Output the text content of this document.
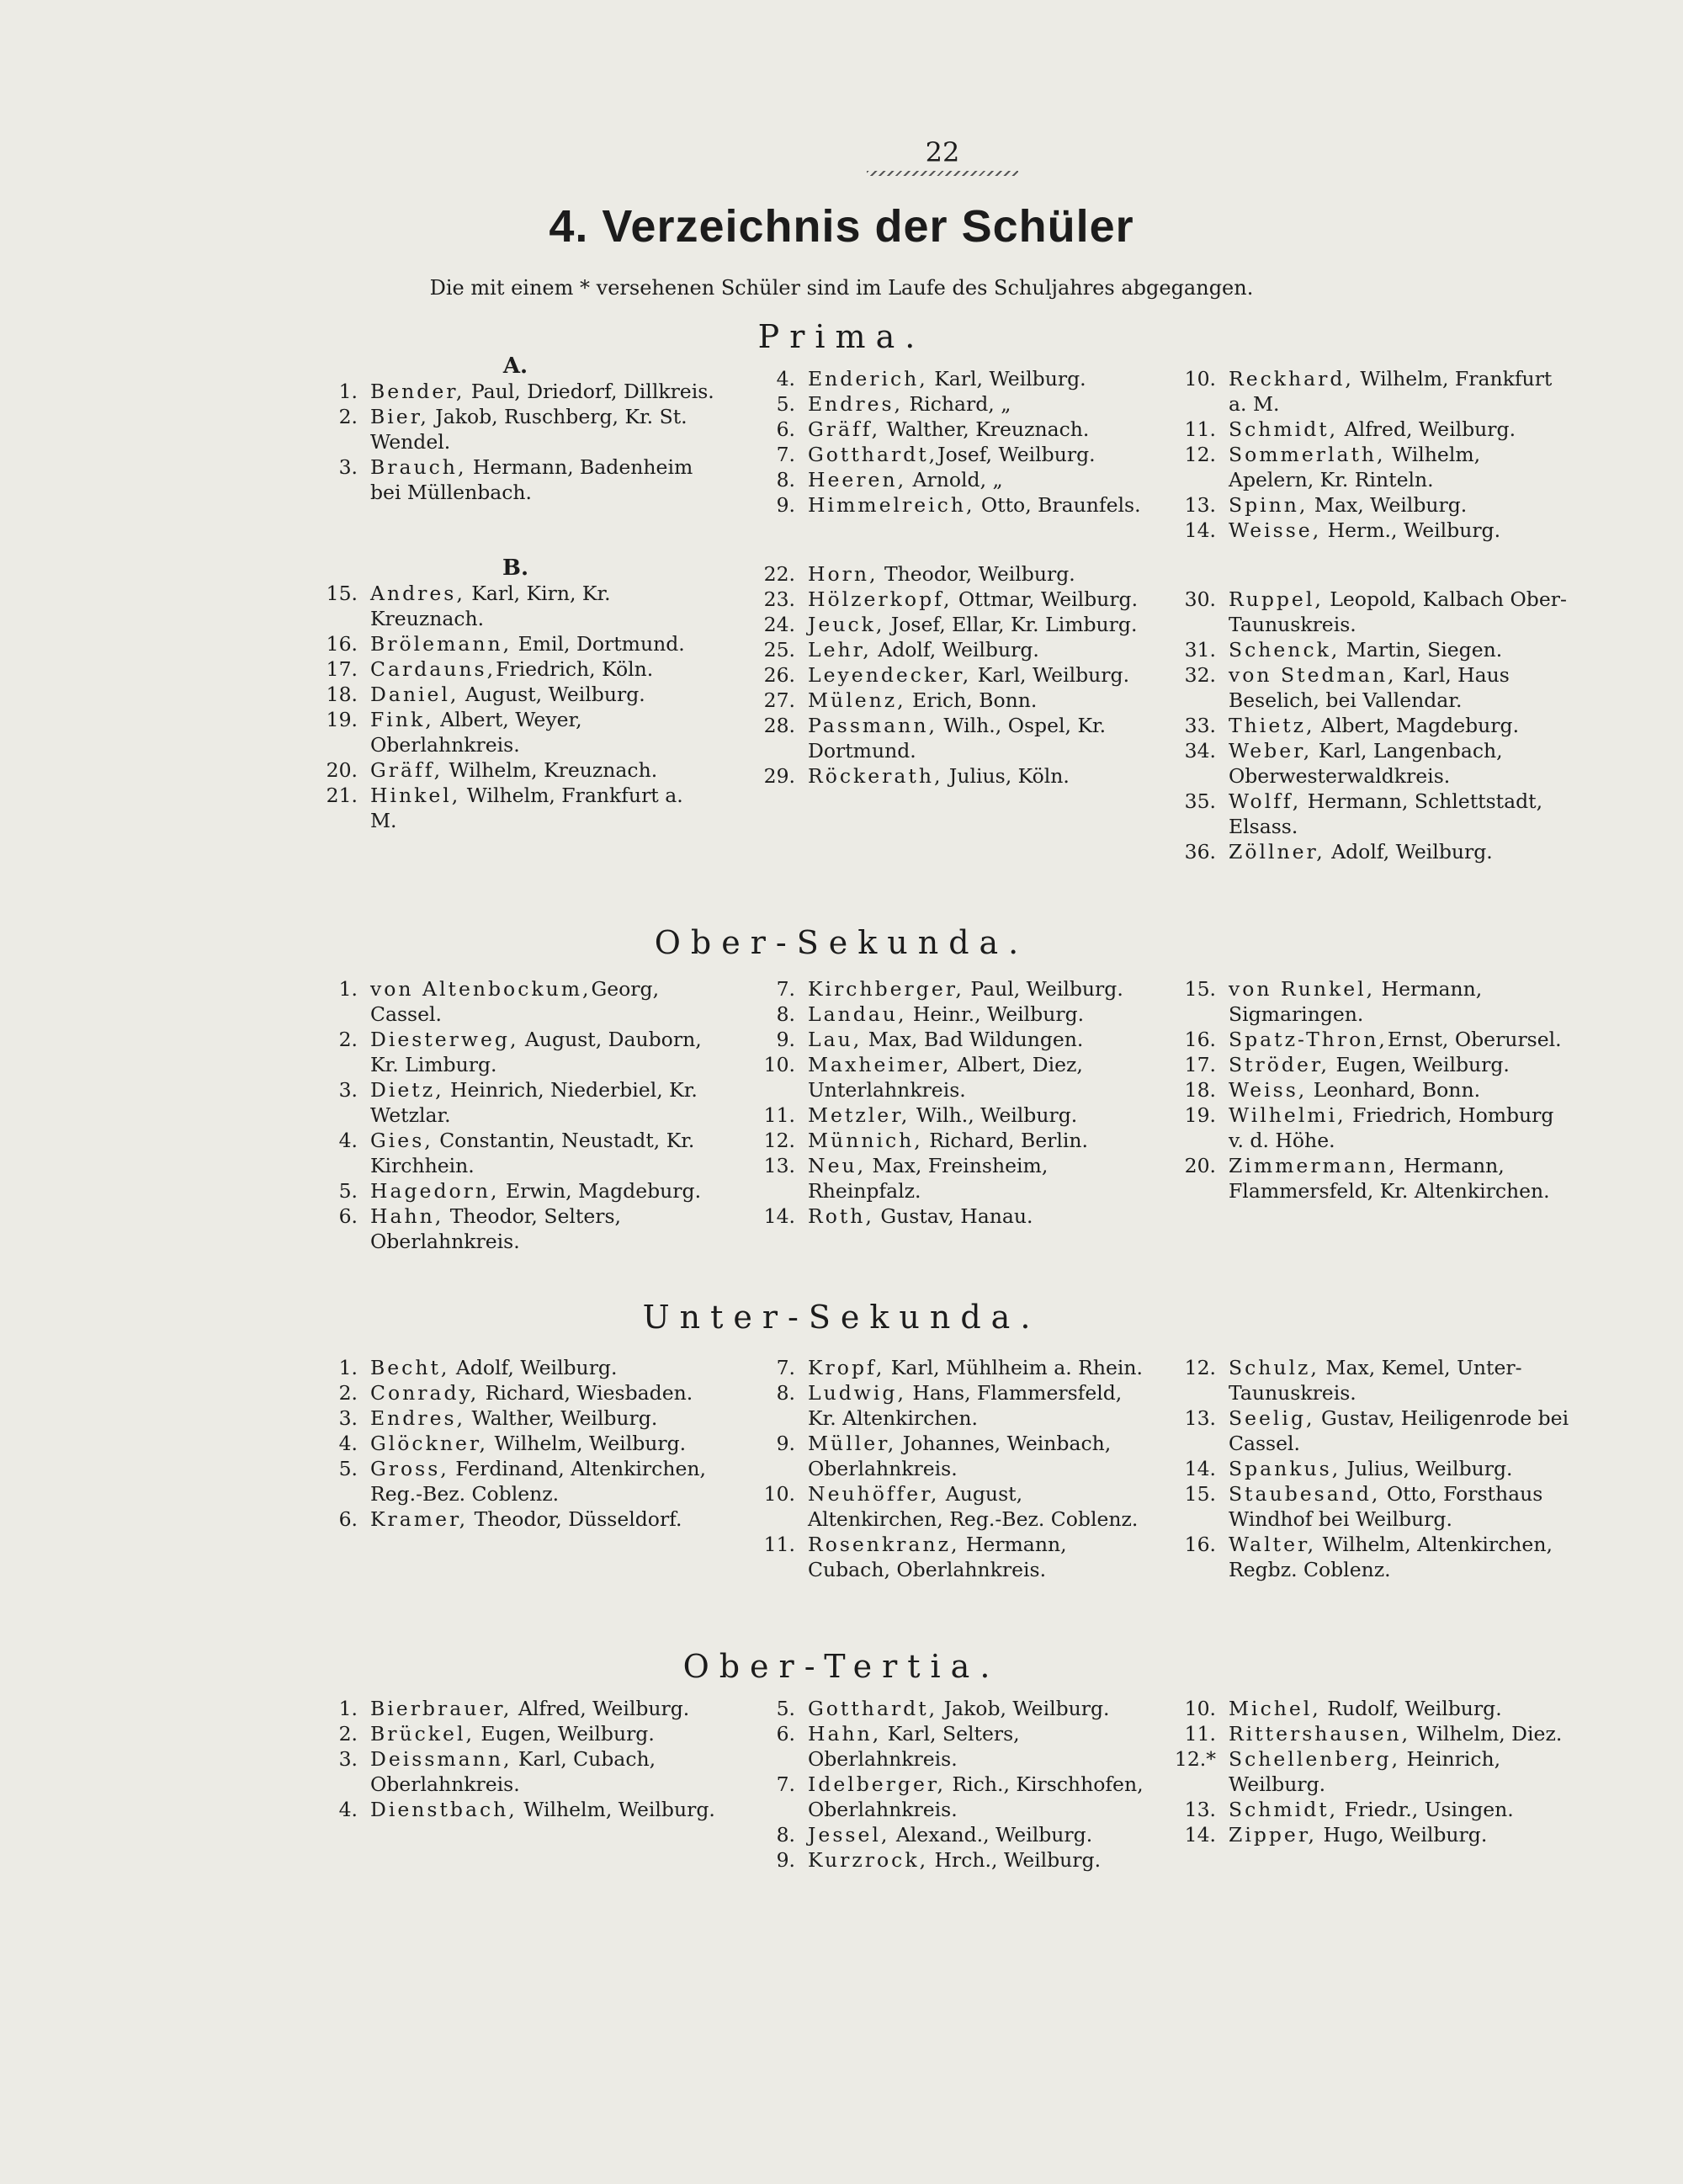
22
4. Verzeichnis der Schüler
Die mit einem * versehenen Schüler sind im Laufe des Schuljahres abgegangen.
Prima.
A.
1. Bender, Paul, Driedorf, Dillkreis.
2. Bier, Jakob, Ruschberg, Kr. St. Wendel.
3. Brauch, Hermann, Badenheim bei Müllenbach.
B.
15. Andres, Karl, Kirn, Kr. Kreuznach.
16. Brölemann, Emil, Dortmund.
17. Cardauns,Friedrich, Köln.
18. Daniel, August, Weilburg.
19. Fink, Albert, Weyer, Oberlahnkreis.
20. Gräff, Wilhelm, Kreuznach.
21. Hinkel, Wilhelm, Frankfurt a. M.
4. Enderich, Karl, Weilburg.
5. Endres, Richard, „
6. Gräff, Walther, Kreuznach.
7. Gotthardt,Josef, Weilburg.
8. Heeren, Arnold, „
9. Himmelreich, Otto, Braunfels.
22. Horn, Theodor, Weilburg.
23. Hölzerkopf, Ottmar, Weilburg.
24. Jeuck, Josef, Ellar, Kr. Limburg.
25. Lehr, Adolf, Weilburg.
26. Leyendecker, Karl, Weilburg.
27. Mülenz, Erich, Bonn.
28. Passmann, Wilh., Ospel, Kr. Dortmund.
29. Röckerath, Julius, Köln.
10. Reckhard, Wilhelm, Frankfurt a. M.
11. Schmidt, Alfred, Weilburg.
12. Sommerlath, Wilhelm, Apelern, Kr. Rinteln.
13. Spinn, Max, Weilburg.
14. Weisse, Herm., Weilburg.
30. Ruppel, Leopold, Kalbach Ober-Taunuskreis.
31. Schenck, Martin, Siegen.
32. von Stedman, Karl, Haus Beselich, bei Vallendar.
33. Thietz, Albert, Magdeburg.
34. Weber, Karl, Langenbach, Oberwesterwaldkreis.
35. Wolff, Hermann, Schlettstadt, Elsass.
36. Zöllner, Adolf, Weilburg.
Ober-Sekunda.
1. von Altenbockum,Georg, Cassel.
2. Diesterweg, August, Dauborn, Kr. Limburg.
3. Dietz, Heinrich, Niederbiel, Kr. Wetzlar.
4. Gies, Constantin, Neustadt, Kr. Kirchhein.
5. Hagedorn, Erwin, Magdeburg.
6. Hahn, Theodor, Selters, Oberlahnkreis.
7. Kirchberger, Paul, Weilburg.
8. Landau, Heinr., Weilburg.
9. Lau, Max, Bad Wildungen.
10. Maxheimer, Albert, Diez, Unterlahnkreis.
11. Metzler, Wilh., Weilburg.
12. Münnich, Richard, Berlin.
13. Neu, Max, Freinsheim, Rheinpfalz.
14. Roth, Gustav, Hanau.
15. von Runkel, Hermann, Sigmaringen.
16. Spatz-Thron,Ernst, Oberursel.
17. Ströder, Eugen, Weilburg.
18. Weiss, Leonhard, Bonn.
19. Wilhelmi, Friedrich, Homburg v. d. Höhe.
20. Zimmermann, Hermann, Flammersfeld, Kr. Altenkirchen.
Unter-Sekunda.
1. Becht, Adolf, Weilburg.
2. Conrady, Richard, Wiesbaden.
3. Endres, Walther, Weilburg.
4. Glöckner, Wilhelm, Weilburg.
5. Gross, Ferdinand, Altenkirchen, Reg.-Bez. Coblenz.
6. Kramer, Theodor, Düsseldorf.
7. Kropf, Karl, Mühlheim a. Rhein.
8. Ludwig, Hans, Flammersfeld, Kr. Altenkirchen.
9. Müller, Johannes, Weinbach, Oberlahnkreis.
10. Neuhöffer, August, Altenkirchen, Reg.-Bez. Coblenz.
11. Rosenkranz, Hermann, Cubach, Oberlahnkreis.
12. Schulz, Max, Kemel, Unter-Taunuskreis.
13. Seelig, Gustav, Heiligenrode bei Cassel.
14. Spankus, Julius, Weilburg.
15. Staubesand, Otto, Forsthaus Windhof bei Weilburg.
16. Walter, Wilhelm, Altenkirchen, Regbz. Coblenz.
Ober-Tertia.
1. Bierbrauer, Alfred, Weilburg.
2. Brückel, Eugen, Weilburg.
3. Deissmann, Karl, Cubach, Oberlahnkreis.
4. Dienstbach, Wilhelm, Weilburg.
5. Gotthardt, Jakob, Weilburg.
6. Hahn, Karl, Selters, Oberlahnkreis.
7. Idelberger, Rich., Kirschhofen, Oberlahnkreis.
8. Jessel, Alexand., Weilburg.
9. Kurzrock, Hrch., Weilburg.
10. Michel, Rudolf, Weilburg.
11. Rittershausen, Wilhelm, Diez.
12.* Schellenberg, Heinrich, Weilburg.
13. Schmidt, Friedr., Usingen.
14. Zipper, Hugo, Weilburg.
